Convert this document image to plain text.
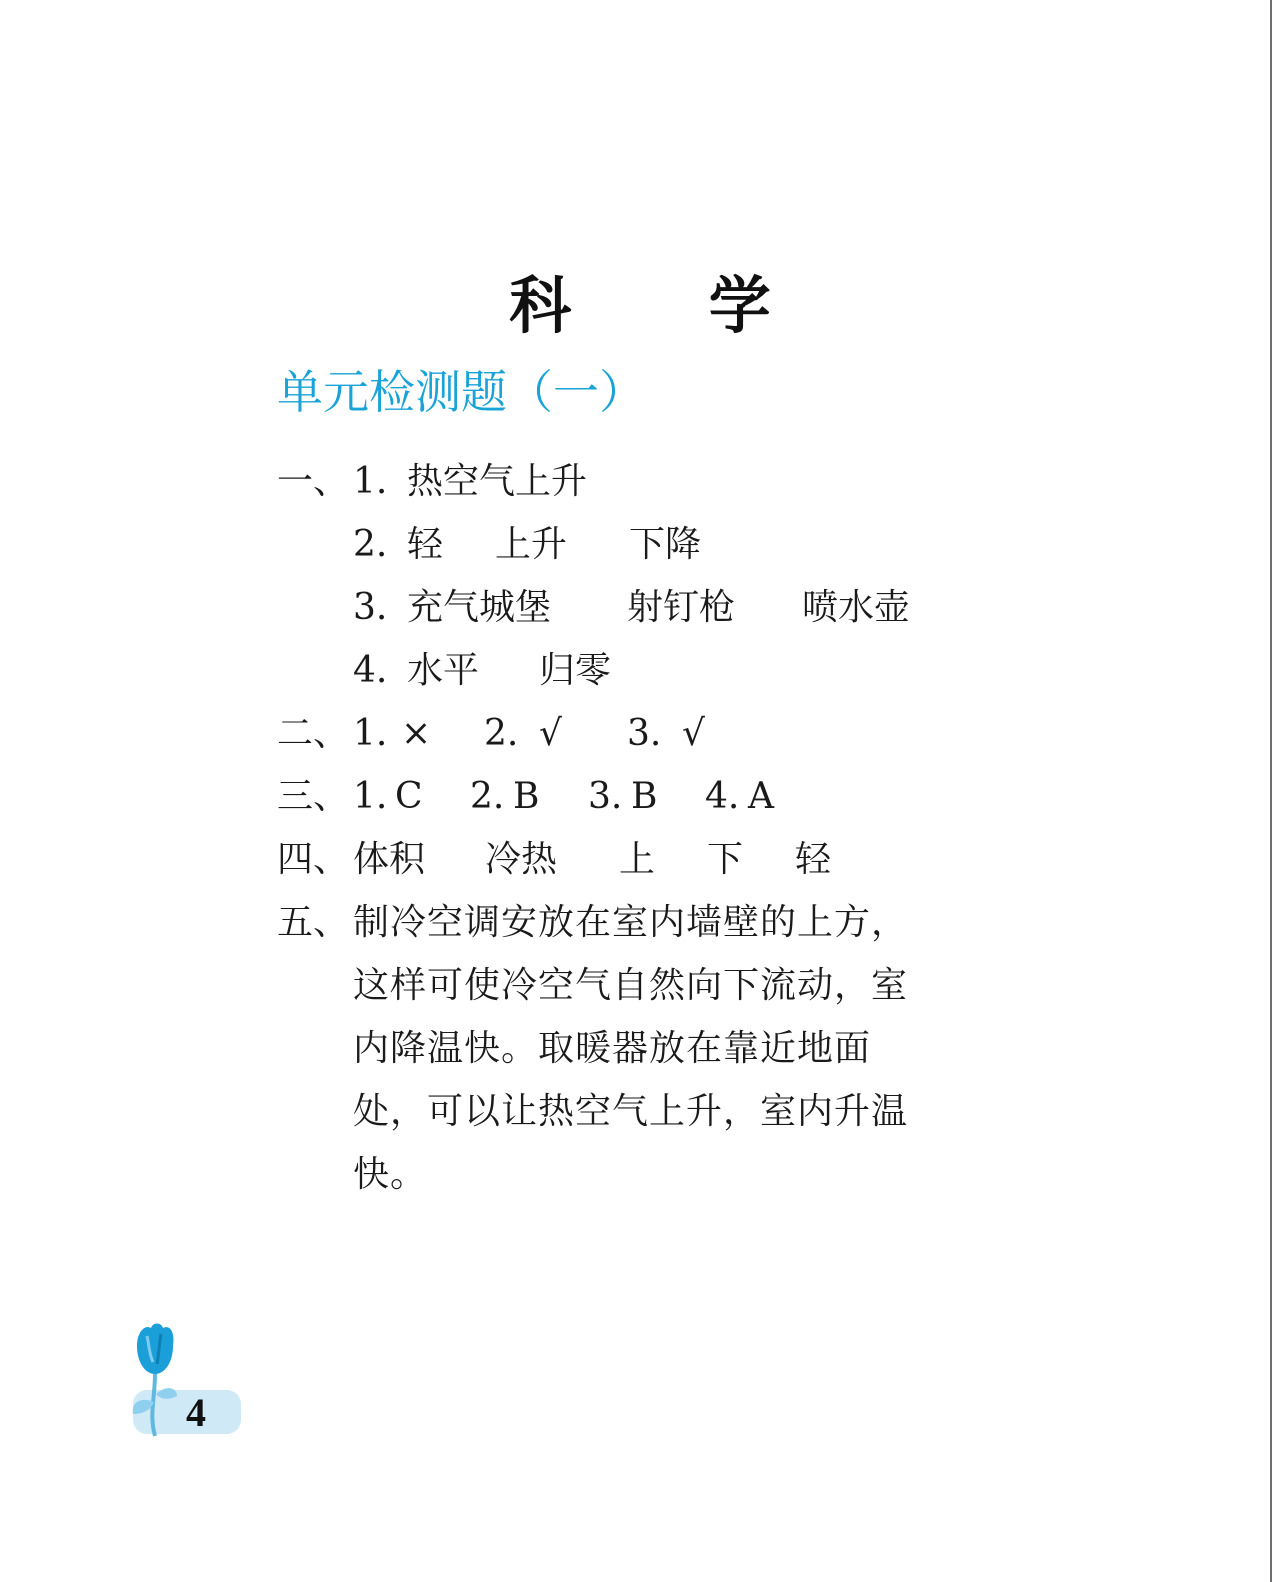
科 学
单元检测题（一）
一、 1. 热空气上升
2. 轻 上升 下降
3. 充气城堡 射钉枪 喷水壶
4. 水平 归零
二、 1. × 2. √ 3. √
三、 1. C 2. B 3. B 4. A
四、 体积 冷热 上 下 轻
五、 制冷空调安放在室内墙壁的上方，
这样可使冷空气自然向下流动，室
内降温快。取暖器放在靠近地面
处，可以让热空气上升，室内升温
快。
4
